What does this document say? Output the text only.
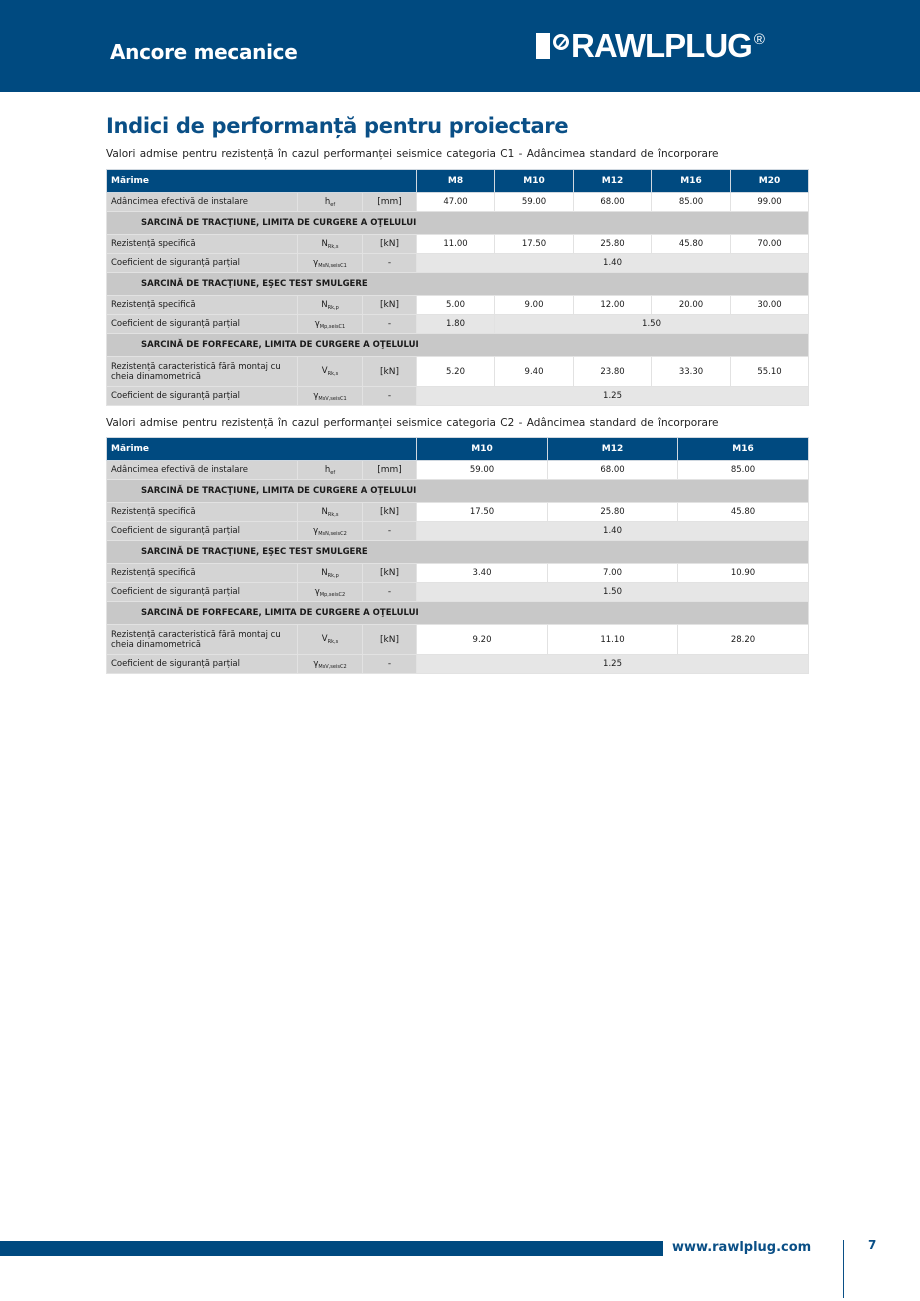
Ancore mecanice	RAWLPLUG ®
Indici de performanță pentru proiectare
Valori admise pentru rezistență în cazul performanței seismice categoria C1 - Adâncimea standard de încorporare
Mărime			M8	M10	M12	M16	M20
Adâncimea efectivă de instalare	$h_{ef}$	[mm]	47.00	59.00	68.00	85.00	99.00
SARCINĂ DE TRACŢIUNE, LIMITA DE CURGERE A OŢELULUI							
Rezistență specifică	$N_{Rk,s}$	[kN]	11.00	17.50	25.80	45.80	70.00
Coeficient de siguranță parțial	$\gamma_{MsN,seisC1}$	-	1.40				
SARCINĂ DE TRACŢIUNE, EŞEC TEST SMULGERE							
Rezistență specifică	$N_{Rk,p}$	[kN]	5.00	9.00	12.00	20.00	30.00
Coeficient de siguranță parțial	$\gamma_{Mp,seisC1}$	-	1.80	1.50			
SARCINĂ DE FORFECARE, LIMITA DE CURGERE A OŢELULUI							
Rezistență caracteristică fără montaj cu cheia dinamometrică	$V_{Rk,s}$	[kN]	5.20	9.40	23.80	33.30	55.10
Coeficient de siguranță parțial	$\gamma_{MsV,seisC1}$	-	1.25				
Valori admise pentru rezistență în cazul performanței seismice categoria C2 - Adâncimea standard de încorporare
Mărime			M10	M12	M16
Adâncimea efectivă de instalare	$h_{ef}$	[mm]	59.00	68.00	85.00
SARCINĂ DE TRACŢIUNE, LIMITA DE CURGERE A OŢELULUI					
Rezistență specifică	$N_{Rk,s}$	[kN]	17.50	25.80	45.80
Coeficient de siguranță parțial	$\gamma_{MsN,seisC2}$	-	1.40		
SARCINĂ DE TRACŢIUNE, EŞEC TEST SMULGERE					
Rezistență specifică	$N_{Rk,p}$	[kN]	3.40	7.00	10.90
Coeficient de siguranță parțial	$\gamma_{Mp,seisC2}$	-	1.50		
SARCINĂ DE FORFECARE, LIMITA DE CURGERE A OŢELULUI					
Rezistență caracteristică fără montaj cu cheia dinamometrică	$V_{Rk,s}$	[kN]	9.20	11.10	28.20
Coeficient de siguranță parțial	$\gamma_{MsV,seisC2}$	-	1.25		
www.rawlplug.com	7
